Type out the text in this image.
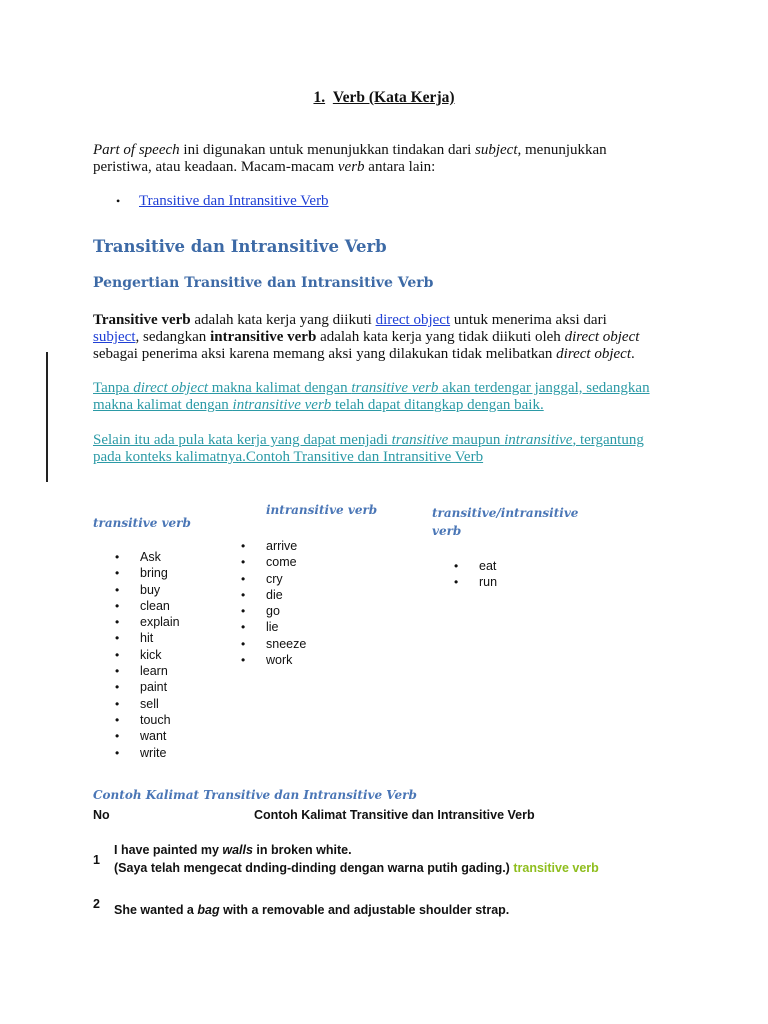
1. Verb (Kata Kerja)
Part of speech ini digunakan untuk menunjukkan tindakan dari subject, menunjukkan
peristiwa, atau keadaan. Macam-macam verb antara lain:
• Transitive dan Intransitive Verb
Transitive dan Intransitive Verb
Pengertian Transitive dan Intransitive Verb
Transitive verb adalah kata kerja yang diikuti direct object untuk menerima aksi dari
subject, sedangkan intransitive verb adalah kata kerja yang tidak diikuti oleh direct object
sebagai penerima aksi karena memang aksi yang dilakukan tidak melibatkan direct object.
Tanpa direct object makna kalimat dengan transitive verb akan terdengar janggal, sedangkan
makna kalimat dengan intransitive verb telah dapat ditangkap dengan baik.
Selain itu ada pula kata kerja yang dapat menjadi transitive maupun intransitive, tergantung
pada konteks kalimatnya.Contoh Transitive dan Intransitive Verb
transitive verb
• Ask
• bring
• buy
• clean
• explain
• hit
• kick
• learn
• paint
• sell
• touch
• want
• write
intransitive verb
• arrive
• come
• cry
• die
• go
• lie
• sneeze
• work
transitive/intransitive
verb
• eat
• run
Contoh Kalimat Transitive dan Intransitive Verb
No	Contoh Kalimat Transitive dan Intransitive Verb
1
I have painted my walls in broken white.
(Saya telah mengecat dnding-dinding dengan warna putih gading.) transitive verb
2 She wanted a bag with a removable and adjustable shoulder strap.
